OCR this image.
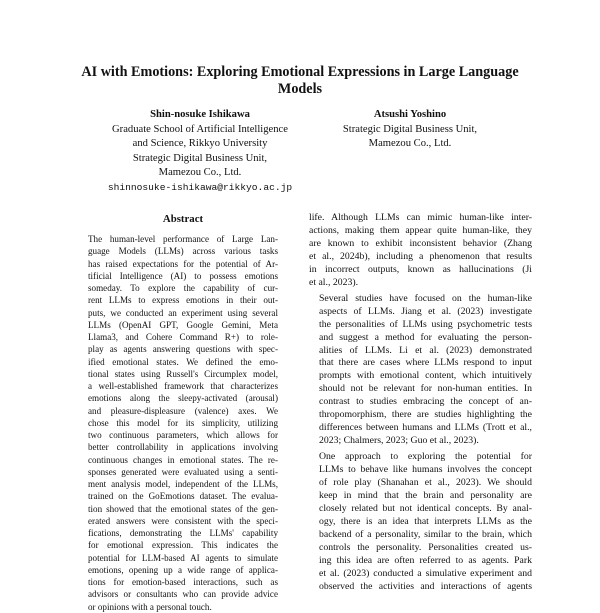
AI with Emotions: Exploring Emotional Expressions in Large Language Models
Shin-nosuke Ishikawa
Graduate School of Artificial Intelligence
and Science, Rikkyo University
Strategic Digital Business Unit,
Mamezou Co., Ltd.
shinnosuke-ishikawa@rikkyo.ac.jp
Atsushi Yoshino
Strategic Digital Business Unit,
Mamezou Co., Ltd.
Abstract
The human-level performance of Large Lan-
guage Models (LLMs) across various tasks
has raised expectations for the potential of Ar-
tificial Intelligence (AI) to possess emotions
someday. To explore the capability of cur-
rent LLMs to express emotions in their out-
puts, we conducted an experiment using several
LLMs (OpenAI GPT, Google Gemini, Meta
Llama3, and Cohere Command R+) to role-
play as agents answering questions with spec-
ified emotional states. We defined the emo-
tional states using Russell's Circumplex model,
a well-established framework that characterizes
emotions along the sleepy-activated (arousal)
and pleasure-displeasure (valence) axes. We
chose this model for its simplicity, utilizing
two continuous parameters, which allows for
better controllability in applications involving
continuous changes in emotional states. The re-
sponses generated were evaluated using a senti-
ment analysis model, independent of the LLMs,
trained on the GoEmotions dataset. The evalua-
tion showed that the emotional states of the gen-
erated answers were consistent with the speci-
fications, demonstrating the LLMs' capability
for emotional expression. This indicates the
potential for LLM-based AI agents to simulate
emotions, opening up a wide range of applica-
tions for emotion-based interactions, such as
advisors or consultants who can provide advice
or opinions with a personal touch.

life. Although LLMs can mimic human-like inter-
actions, making them appear quite human-like, they
are known to exhibit inconsistent behavior (Zhang
et al., 2024b), including a phenomenon that results
in incorrect outputs, known as hallucinations (Ji
et al., 2023).

Several studies have focused on the human-like
aspects of LLMs. Jiang et al. (2023) investigate
the personalities of LLMs using psychometric tests
and suggest a method for evaluating the person-
alities of LLMs. Li et al. (2023) demonstrated
that there are cases where LLMs respond to input
prompts with emotional content, which intuitively
should not be relevant for non-human entities. In
contrast to studies embracing the concept of an-
thropomorphism, there are studies highlighting the
differences between humans and LLMs (Trott et al.,
2023; Chalmers, 2023; Guo et al., 2023).

One approach to exploring the potential for
LLMs to behave like humans involves the concept
of role play (Shanahan et al., 2023). We should
keep in mind that the brain and personality are
closely related but not identical concepts. By anal-
ogy, there is an idea that interprets LLMs as the
backend of a personality, similar to the brain, which
controls the personality. Personalities created us-
ing this idea are often referred to as agents. Park
et al. (2023) conducted a simulative experiment and
observed the activities and interactions of agents
